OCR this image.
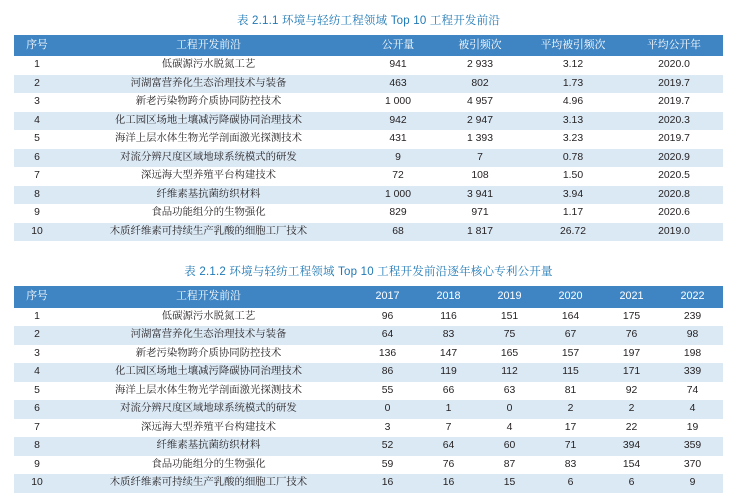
表 2.1.1 环境与轻纺工程领域 Top 10 工程开发前沿
序号	工程开发前沿	公开量	被引频次	平均被引频次	平均公开年
1	低碳源污水脱氮工艺	941	2 933	3.12	2020.0
2	河湖富营养化生态治理技术与装备	463	802	1.73	2019.7
3	新老污染物跨介质协同防控技术	1 000	4 957	4.96	2019.7
4	化工园区场地土壤减污降碳协同治理技术	942	2 947	3.13	2020.3
5	海洋上层水体生物光学剖面激光探测技术	431	1 393	3.23	2019.7
6	对流分辨尺度区域地球系统模式的研发	9	7	0.78	2020.9
7	深远海大型养殖平台构建技术	72	108	1.50	2020.5
8	纤维素基抗菌纺织材料	1 000	3 941	3.94	2020.8
9	食品功能组分的生物强化	829	971	1.17	2020.6
10	木质纤维素可持续生产乳酸的细胞工厂技术	68	1 817	26.72	2019.0
表 2.1.2 环境与轻纺工程领域 Top 10 工程开发前沿逐年核心专利公开量
序号	工程开发前沿	2017	2018	2019	2020	2021	2022
1	低碳源污水脱氮工艺	96	116	151	164	175	239
2	河湖富营养化生态治理技术与装备	64	83	75	67	76	98
3	新老污染物跨介质协同防控技术	136	147	165	157	197	198
4	化工园区场地土壤减污降碳协同治理技术	86	119	112	115	171	339
5	海洋上层水体生物光学剖面激光探测技术	55	66	63	81	92	74
6	对流分辨尺度区域地球系统模式的研发	0	1	0	2	2	4
7	深远海大型养殖平台构建技术	3	7	4	17	22	19
8	纤维素基抗菌纺织材料	52	64	60	71	394	359
9	食品功能组分的生物强化	59	76	87	83	154	370
10	木质纤维素可持续生产乳酸的细胞工厂技术	16	16	15	6	6	9
